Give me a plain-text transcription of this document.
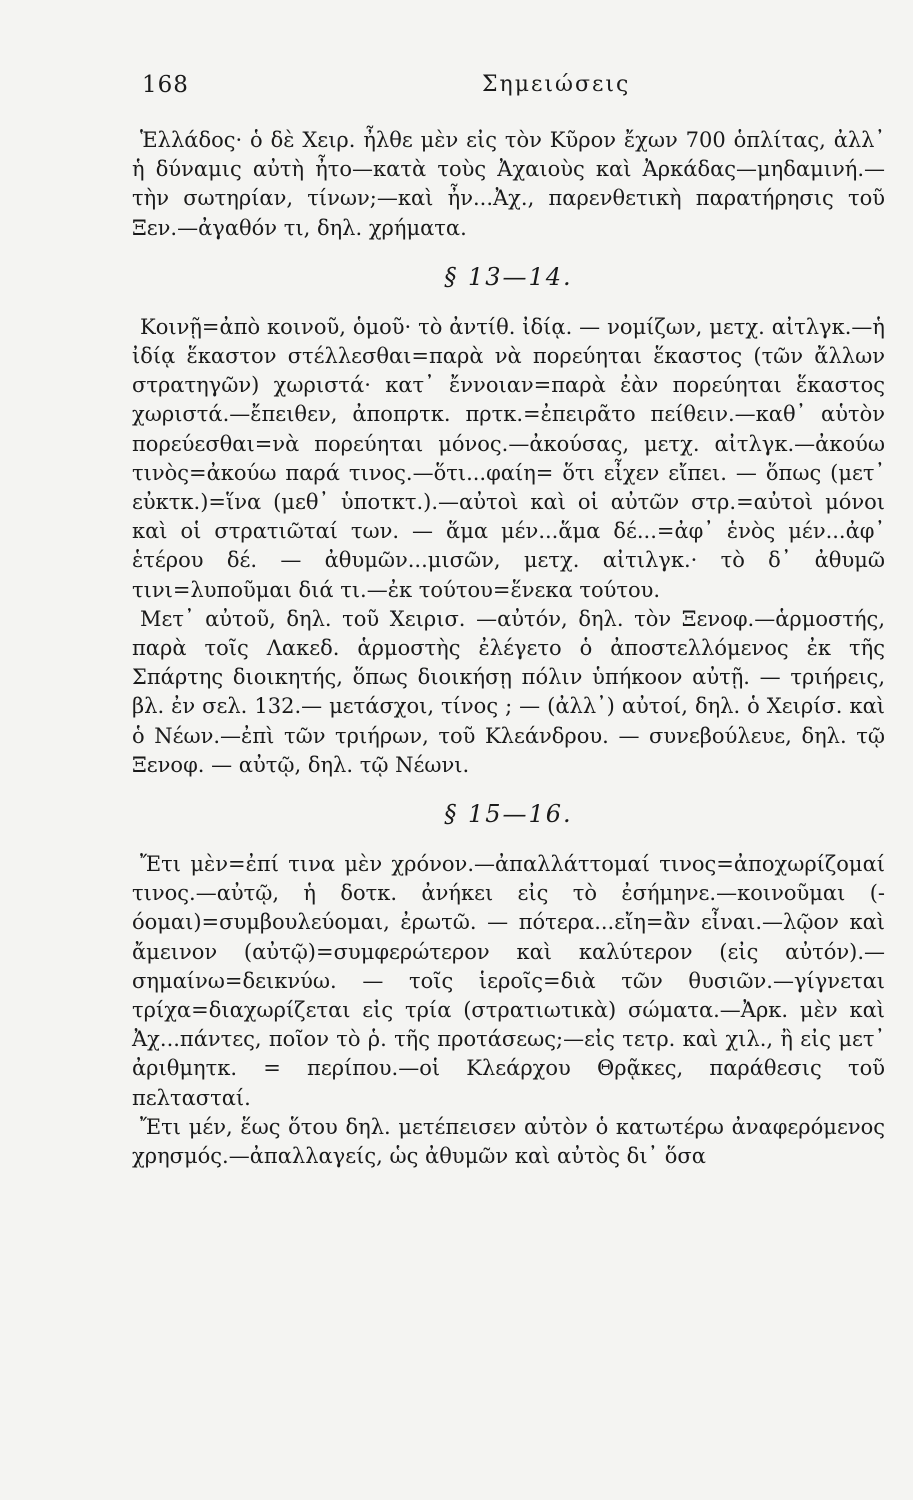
168	Σημειώσεις

Ἑλλάδος· ὁ δὲ Χειρ. ἦλθε μὲν εἰς τὸν Κῦρον ἔχων 700 ὁπλίτας, ἀλλ᾽ ἡ δύναμις αὐτὴ ἦτο—κατὰ τοὺς Ἀχαιοὺς καὶ Ἀρκάδας—μηδαμινή.—τὴν σωτηρίαν, τίνων;—καὶ ἦν...Ἀχ., παρενθετικὴ παρατήρησις τοῦ Ξεν.—ἀγαθόν τι, δηλ. χρήματα.

§ 13—14.

Κοινῇ=ἀπὸ κοινοῦ, ὁμοῦ· τὸ ἀντίθ. ἰδίᾳ. — νομίζων, μετχ. αἰτλγκ.—ἡ ἰδίᾳ ἕκαστον στέλλεσθαι=παρὰ νὰ πορεύηται ἕκαστος (τῶν ἄλλων στρατηγῶν) χωριστά· κατ᾽ ἔννοιαν=παρὰ ἐὰν πορεύηται ἕκαστος χωριστά.—ἔπειθεν, ἀποπρτκ. πρτκ.=ἐπειρᾶτο πείθειν.—καθ᾽ αὑτὸν πορεύεσθαι=νὰ πορεύηται μόνος.—ἀκούσας, μετχ. αἰτλγκ.—ἀκούω τινὸς=ἀκούω παρά τινος.—ὅτι...φαίη= ὅτι εἶχεν εἴπει. — ὅπως (μετ᾽ εὐκτκ.)=ἵνα (μεθ᾽ ὑποτκτ.).—αὐτοὶ καὶ οἱ αὐτῶν στρ.=αὐτοὶ μόνοι καὶ οἱ στρατιῶταί των. — ἅμα μέν...ἅμα δέ...=ἀφ᾽ ἑνὸς μέν...ἀφ᾽ ἑτέρου δέ. — ἀθυμῶν...μισῶν, μετχ. αἰτιλγκ.· τὸ δ᾽ ἀθυμῶ τινι=λυποῦμαι διά τι.—ἐκ τούτου=ἕνεκα τούτου.

Μετ᾽ αὐτοῦ, δηλ. τοῦ Χειρισ. —αὐτόν, δηλ. τὸν Ξενοφ.—ἁρμοστής, παρὰ τοῖς Λακεδ. ἁρμοστὴς ἐλέγετο ὁ ἀποστελλόμενος ἐκ τῆς Σπάρτης διοικητής, ὅπως διοικήσῃ πόλιν ὑπήκοον αὐτῇ. — τριήρεις, βλ. ἐν σελ. 132.— μετάσχοι, τίνος ; — (ἀλλ᾽) αὐτοί, δηλ. ὁ Χειρίσ. καὶ ὁ Νέων.—ἐπὶ τῶν τριήρων, τοῦ Κλεάνδρου. — συνεβούλευε, δηλ. τῷ Ξενοφ. — αὐτῷ, δηλ. τῷ Νέωνι.

§ 15—16.

Ἔτι μὲν=ἐπί τινα μὲν χρόνον.—ἀπαλλάττομαί τινος=ἀποχωρίζομαί τινος.—αὐτῷ, ἡ δοτκ. ἀνήκει εἰς τὸ ἐσήμηνε.—κοινοῦμαι (-όομαι)=συμβουλεύομαι, ἐρωτῶ. — πότερα...εἴη=ἂν εἶναι.—λῷον καὶ ἄμεινον (αὐτῷ)=συμφερώτερον καὶ καλύτερον (εἰς αὐτόν).— σημαίνω=δεικνύω. — τοῖς ἱεροῖς=διὰ τῶν θυσιῶν.—γίγνεται τρίχα=διαχωρίζεται εἰς τρία (στρατιωτικὰ) σώματα.—Ἀρκ. μὲν καὶ Ἀχ...πάντες, ποῖον τὸ ῥ. τῆς προτάσεως;—εἰς τετρ. καὶ χιλ., ἢ εἰς μετ᾽ ἀριθμητκ. = περίπου.—οἱ Κλεάρχου Θρᾷκες, παράθεσις τοῦ πελτασταί.

Ἔτι μέν, ἕως ὅτου δηλ. μετέπεισεν αὐτὸν ὁ κατωτέρω ἀναφερόμενος χρησμός.—ἀπαλλαγείς, ὡς ἀθυμῶν καὶ αὐτὸς δι᾽ ὅσα
